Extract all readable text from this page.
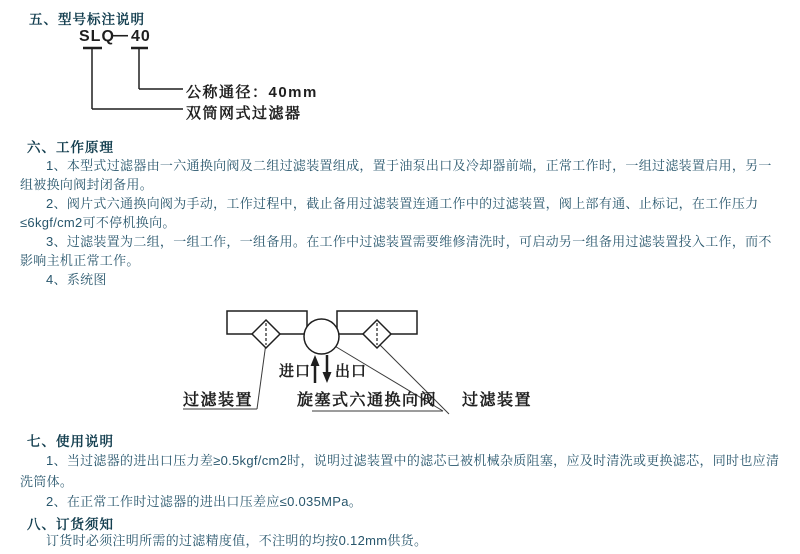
五、型号标注说明
SLQ
— 40
公称通径：40mm
双筒网式过滤器
六、工作原理

1、本型式过滤器由一六通换向阀及二组过滤装置组成，置于油泵出口及冷却器前端，正常工作时，一组过滤装置启用，另一组被换向阀封闭备用。

2、阀片式六通换向阀为手动，工作过程中，截止备用过滤装置连通工作中的过滤装置，阀上部有通、止标记，在工作压力≤6kgf/cm2可不停机换向。

3、过滤装置为二组，一组工作，一组备用。在工作中过滤装置需要维修清洗时，可启动另一组备用过滤装置投入工作，而不影响主机正常工作。

4、系统图

进口 出口
过滤装置	旋塞式六通换向阀 过滤装置
七、使用说明

1、当过滤器的进出口压力差≥0.5kgf/cm2时，说明过滤装置中的滤芯已被机械杂质阻塞，应及时清洗或更换滤芯，同时也应清洗筒体。

2、在正常工作时过滤器的进出口压差应≤0.035MPa。

八、订货须知

订货时必须注明所需的过滤精度值，不注明的均按0.12mm供货。
